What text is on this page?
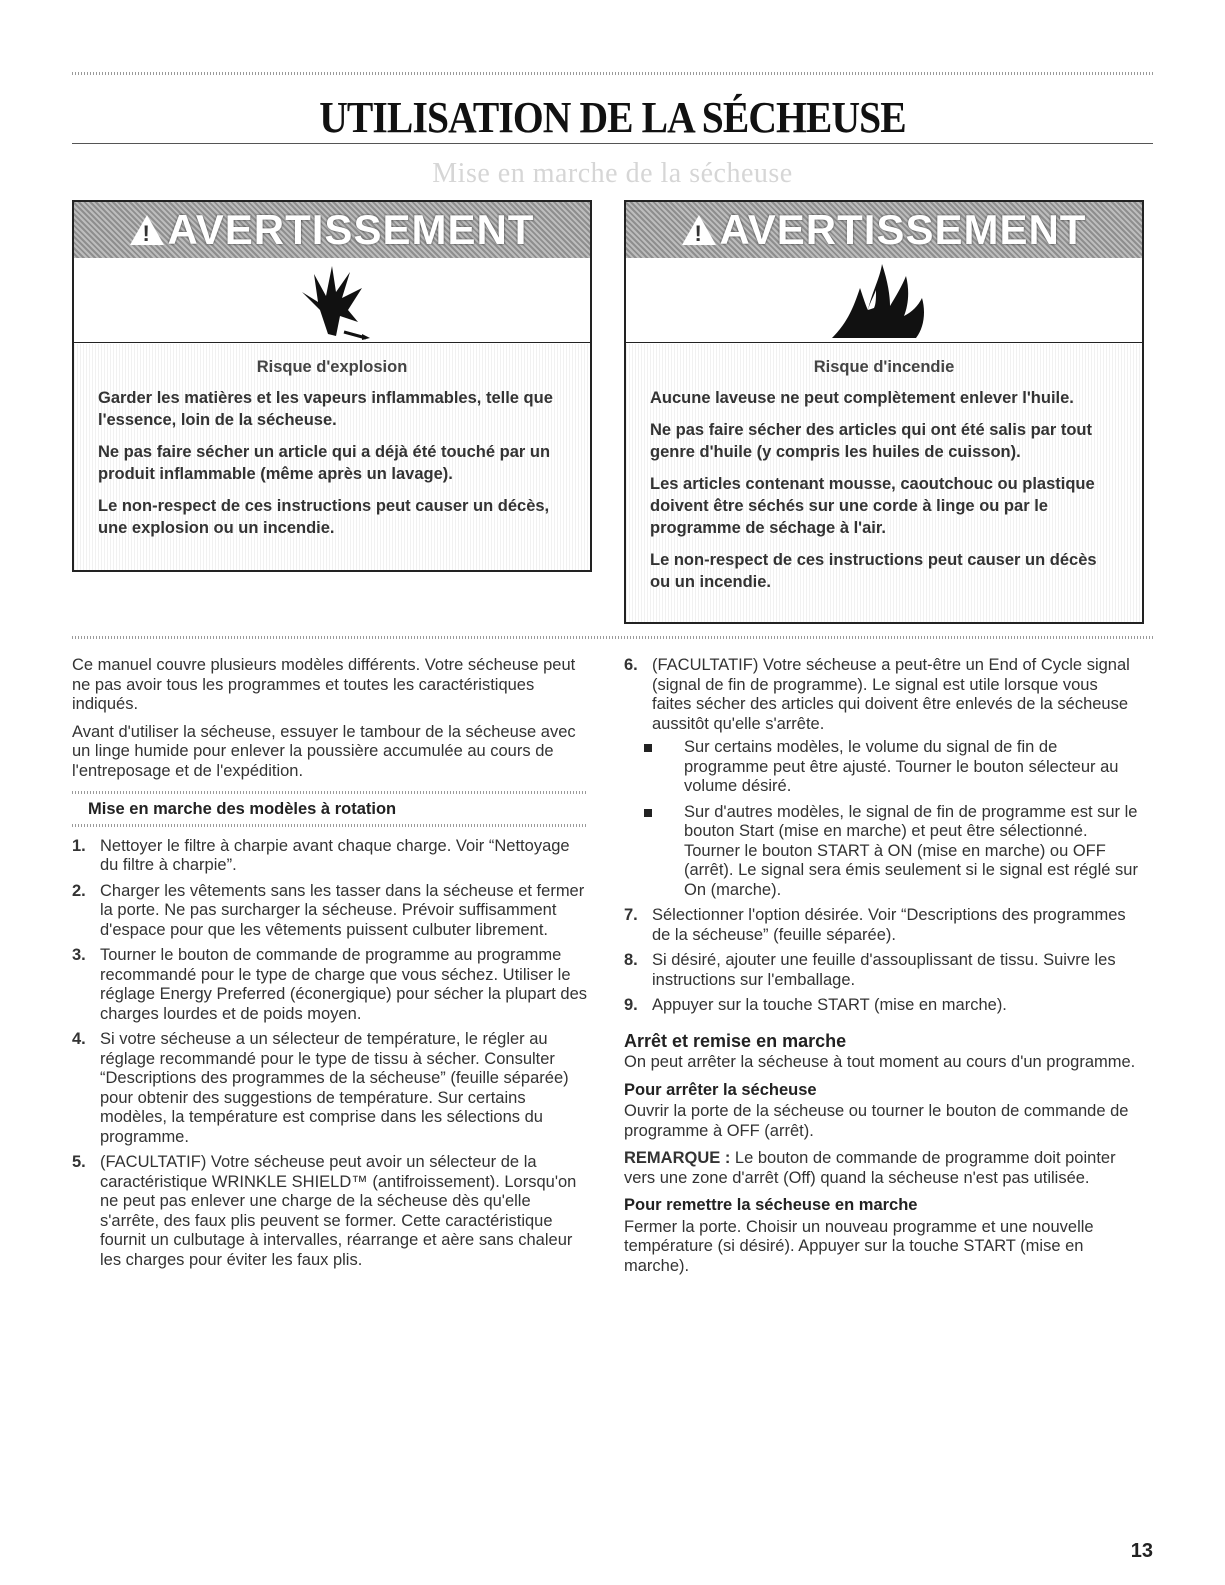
UTILISATION DE LA SÉCHEUSE
Mise en marche de la sécheuse
!
AVERTISSEMENT
Risque d'explosion

Garder les matières et les vapeurs inflammables, telle que l'essence, loin de la sécheuse.

Ne pas faire sécher un article qui a déjà été touché par un produit inflammable (même après un lavage).

Le non-respect de ces instructions peut causer un décès, une explosion ou un incendie.

!
AVERTISSEMENT
Risque d'incendie

Aucune laveuse ne peut complètement enlever l'huile.

Ne pas faire sécher des articles qui ont été salis par tout genre d'huile (y compris les huiles de cuisson).

Les articles contenant mousse, caoutchouc ou plastique doivent être séchés sur une corde à linge ou par le programme de séchage à l'air.

Le non-respect de ces instructions peut causer un décès ou un incendie.

Ce manuel couvre plusieurs modèles différents. Votre sécheuse peut ne pas avoir tous les programmes et toutes les caractéristiques indiqués.

Avant d'utiliser la sécheuse, essuyer le tambour de la sécheuse avec un linge humide pour enlever la poussière accumulée au cours de l'entreposage et de l'expédition.

Mise en marche des modèles à rotation
1. Nettoyer le filtre à charpie avant chaque charge. Voir “Nettoyage du filtre à charpie”.
2. Charger les vêtements sans les tasser dans la sécheuse et fermer la porte. Ne pas surcharger la sécheuse. Prévoir suffisamment d'espace pour que les vêtements puissent culbuter librement.
3. Tourner le bouton de commande de programme au programme recommandé pour le type de charge que vous séchez. Utiliser le réglage Energy Preferred (éconergique) pour sécher la plupart des charges lourdes et de poids moyen.
4. Si votre sécheuse a un sélecteur de température, le régler au réglage recommandé pour le type de tissu à sécher. Consulter “Descriptions des programmes de la sécheuse” (feuille séparée) pour obtenir des suggestions de température. Sur certains modèles, la température est comprise dans les sélections du programme.
5. (FACULTATIF) Votre sécheuse peut avoir un sélecteur de la caractéristique WRINKLE SHIELD™ (antifroissement). Lorsqu'on ne peut pas enlever une charge de la sécheuse dès qu'elle s'arrête, des faux plis peuvent se former. Cette caractéristique fournit un culbutage à intervalles, réarrange et aère sans chaleur les charges pour éviter les faux plis.
6. (FACULTATIF) Votre sécheuse a peut-être un End of Cycle signal (signal de fin de programme). Le signal est utile lorsque vous faites sécher des articles qui doivent être enlevés de la sécheuse aussitôt qu'elle s'arrête.
Sur certains modèles, le volume du signal de fin de programme peut être ajusté. Tourner le bouton sélecteur au volume désiré.
Sur d'autres modèles, le signal de fin de programme est sur le bouton Start (mise en marche) et peut être sélectionné. Tourner le bouton START à ON (mise en marche) ou OFF (arrêt). Le signal sera émis seulement si le signal est réglé sur On (marche).
7. Sélectionner l'option désirée. Voir “Descriptions des programmes de la sécheuse” (feuille séparée).
8. Si désiré, ajouter une feuille d'assouplissant de tissu. Suivre les instructions sur l'emballage.
9. Appuyer sur la touche START (mise en marche).
Arrêt et remise en marche

On peut arrêter la sécheuse à tout moment au cours d'un programme.

Pour arrêter la sécheuse

Ouvrir la porte de la sécheuse ou tourner le bouton de commande de programme à OFF (arrêt).

REMARQUE : Le bouton de commande de programme doit pointer vers une zone d'arrêt (Off) quand la sécheuse n'est pas utilisée.

Pour remettre la sécheuse en marche

Fermer la porte. Choisir un nouveau programme et une nouvelle température (si désiré). Appuyer sur la touche START (mise en marche).

13
